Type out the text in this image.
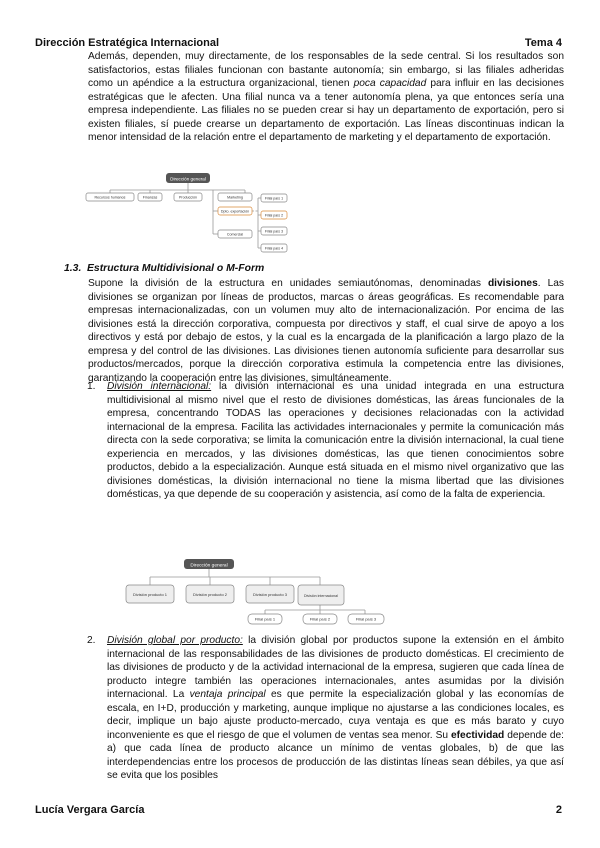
Dirección Estratégica Internacional	Tema 4
Además, dependen, muy directamente, de los responsables de la sede central. Si los resultados son satisfactorios, estas filiales funcionan con bastante autonomía; sin embargo, si las filiales adheridas como un apéndice a la estructura organizacional, tienen poca capacidad para influir en las decisiones estratégicas que le afecten. Una filial nunca va a tener autonomía plena, ya que entonces sería una empresa independiente. Las filiales no se pueden crear si hay un departamento de exportación, pero si existen filiales, sí puede crearse un departamento de exportación. Las líneas discontinuas indican la menor intensidad de la relación entre el departamento de marketing y el departamento de exportación.
Dirección general
Recursos humanos	Finanzas	Producción	Marketing
Dpto. exportación
Comercial
Filial país 1
Filial país 2
Filial país 3
Filial país 4
1.3. Estructura Multidivisional o M-Form
Supone la división de la estructura en unidades semiautónomas, denominadas divisiones. Las divisiones se organizan por líneas de productos, marcas o áreas geográficas. Es recomendable para empresas internacionalizadas, con un volumen muy alto de internacionalización. Por encima de las divisiones está la dirección corporativa, compuesta por directivos y staff, el cual sirve de apoyo a los directivos y está por debajo de estos, y la cual es la encargada de la planificación a largo plazo de la empresa y del control de las divisiones. Las divisiones tienen autonomía suficiente para desarrollar sus productos/mercados, porque la dirección corporativa estimula la competencia entre las divisiones, garantizando la cooperación entre las divisiones, simultáneamente.
1. División internacional: la división internacional es una unidad integrada en una estructura multidivisional al mismo nivel que el resto de divisiones domésticas, las áreas funcionales de la empresa, concentrando TODAS las operaciones y decisiones relacionadas con la actividad internacional de la empresa. Facilita las actividades internacionales y permite la comunicación más directa con la sede corporativa; se limita la comunicación entre la división internacional, la cual tiene experiencia en mercados, y las divisiones domésticas, las que tienen conocimientos sobre productos, debido a la especialización. Aunque está situada en el mismo nivel organizativo que las divisiones domésticas, la división internacional no tiene la misma libertad que las divisiones domésticas, ya que depende de su cooperación y asistencia, así como de la falta de experiencia.
Dirección general
División producto 1	División producto 2	División producto 3	División internacional
Filial país 1	Filial país 2	Filial país 3
2. División global por producto: la división global por productos supone la extensión en el ámbito internacional de las responsabilidades de las divisiones de producto domésticas. El crecimiento de las divisiones de producto y de la actividad internacional de la empresa, sugieren que cada línea de producto integre también las operaciones internacionales, antes asumidas por la división internacional. La ventaja principal es que permite la especialización global y las economías de escala, en I+D, producción y marketing, aunque implique no ajustarse a las condiciones locales, es decir, implique un bajo ajuste producto-mercado, cuya ventaja es que es más barato y cuyo inconveniente es que el riesgo de que el volumen de ventas sea menor. Su efectividad depende de: a) que cada línea de producto alcance un mínimo de ventas globales, b) de que las interdependencias entre los procesos de producción de las distintas líneas sean débiles, ya que así se evita que los posibles
Lucía Vergara García	2
